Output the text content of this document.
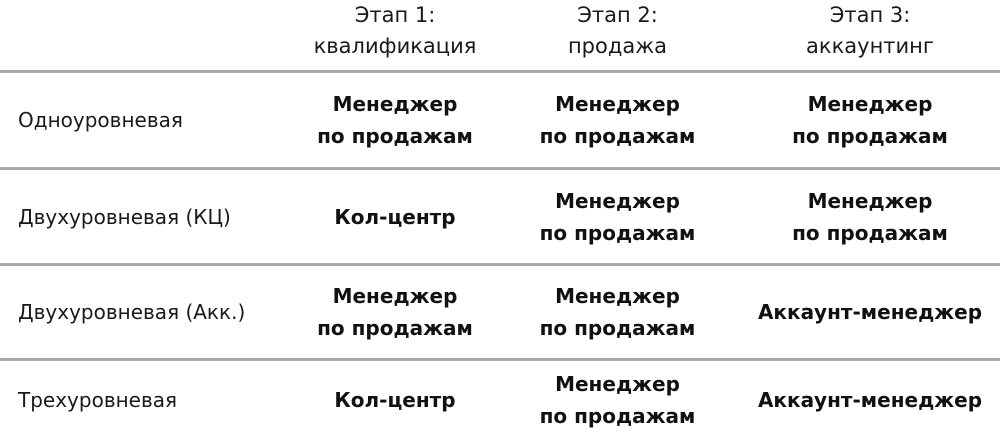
Этап 1:
квалификация
Этап 2:
продажа
Этап 3:
аккаунтинг
Одноуровневая
Менеджер
по продажам
Менеджер
по продажам
Менеджер
по продажам
Двухуровневая (КЦ)	Кол-центр
Менеджер
по продажам
Менеджер
по продажам
Двухуровневая (Акк.)
Менеджер
по продажам
Менеджер
по продажам
Аккаунт-менеджер
Трехуровневая	Кол-центр
Менеджер
по продажам
Аккаунт-менеджер
